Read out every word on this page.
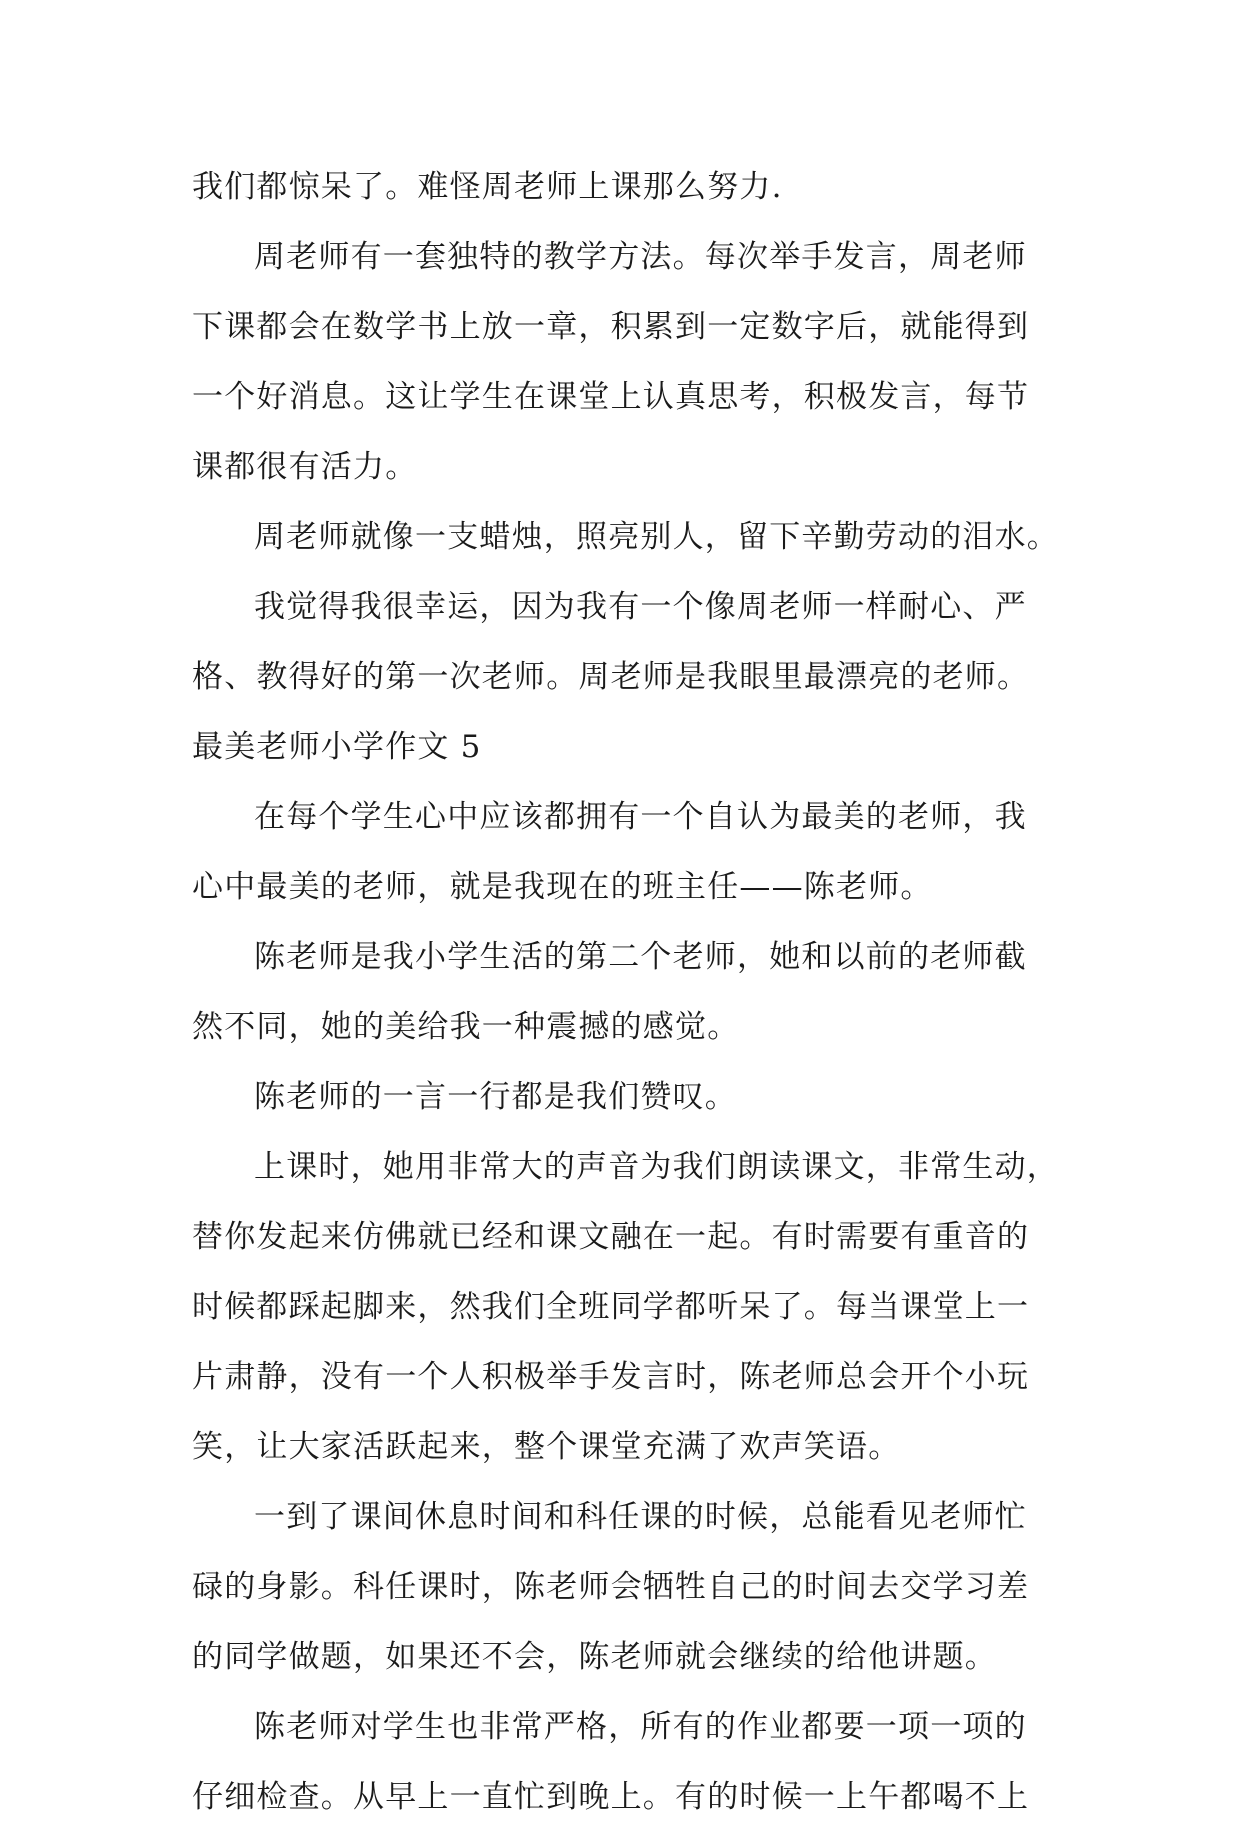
我们都惊呆了。难怪周老师上课那么努力.
周老师有一套独特的教学方法。每次举手发言，周老师
下课都会在数学书上放一章，积累到一定数字后，就能得到
一个好消息。这让学生在课堂上认真思考，积极发言，每节
课都很有活力。
周老师就像一支蜡烛，照亮别人，留下辛勤劳动的泪水。
我觉得我很幸运，因为我有一个像周老师一样耐心、严
格、教得好的第一次老师。周老师是我眼里最漂亮的老师。
最美老师小学作文 5
在每个学生心中应该都拥有一个自认为最美的老师，我
心中最美的老师，就是我现在的班主任——陈老师。
陈老师是我小学生活的第二个老师，她和以前的老师截
然不同，她的美给我一种震撼的感觉。
陈老师的一言一行都是我们赞叹。
上课时，她用非常大的声音为我们朗读课文，非常生动，
替你发起来仿佛就已经和课文融在一起。有时需要有重音的
时候都踩起脚来，然我们全班同学都听呆了。每当课堂上一
片肃静，没有一个人积极举手发言时，陈老师总会开个小玩
笑，让大家活跃起来，整个课堂充满了欢声笑语。
一到了课间休息时间和科任课的时候，总能看见老师忙
碌的身影。科任课时，陈老师会牺牲自己的时间去交学习差
的同学做题，如果还不会，陈老师就会继续的给他讲题。
陈老师对学生也非常严格，所有的作业都要一项一项的
仔细检查。从早上一直忙到晚上。有的时候一上午都喝不上
